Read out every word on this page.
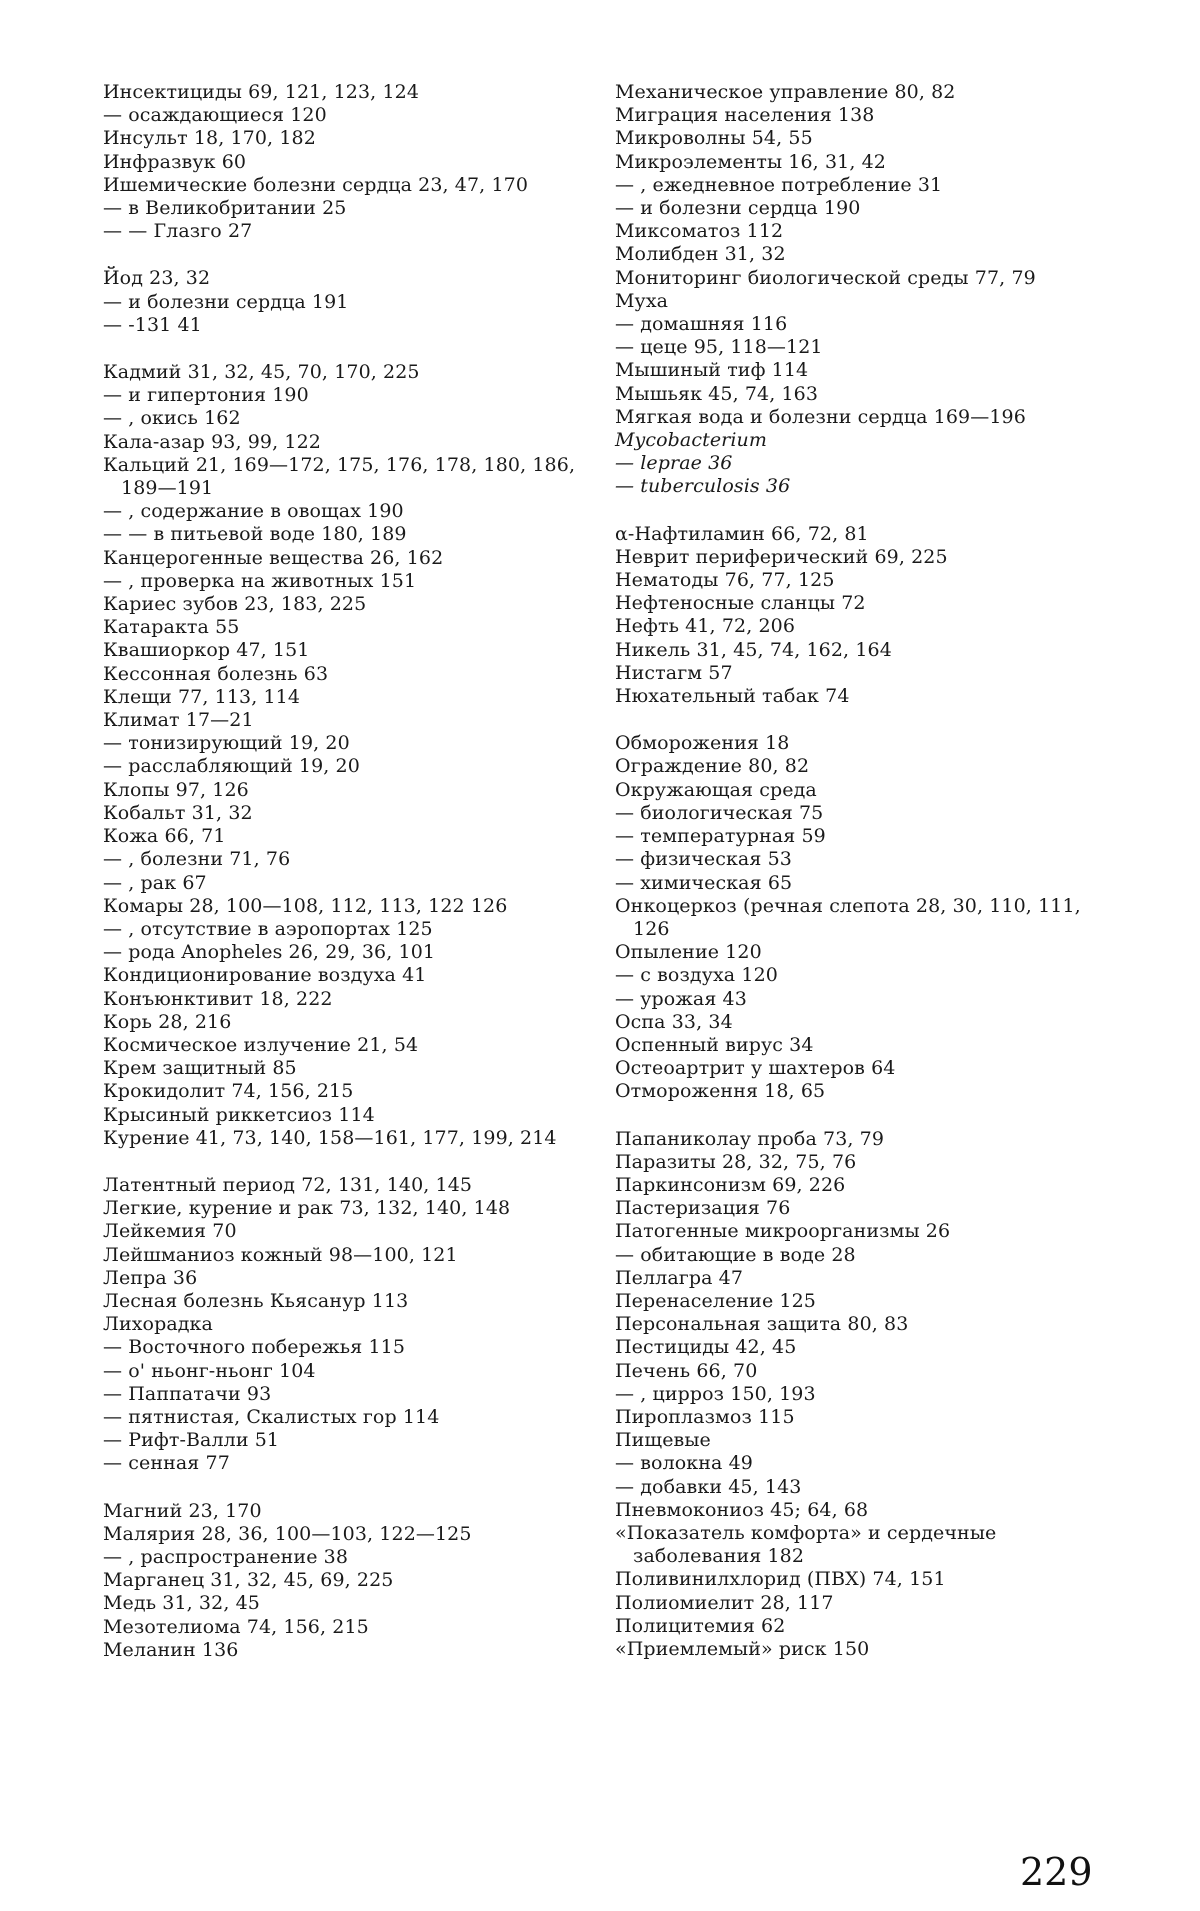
Инсектициды 69, 121, 123, 124
— осаждающиеся 120
Инсульт 18, 170, 182
Инфразвук 60
Ишемические болезни сердца 23, 47, 170
— в Великобритании 25
— — Глазго 27
Йод 23, 32
— и болезни сердца 191
— -131 41
Кадмий 31, 32, 45, 70, 170, 225
— и гипертония 190
— , окись 162
Кала-азар 93, 99, 122
Кальций 21, 169—172, 175, 176, 178, 180, 186, 189—191
— , содержание в овощах 190
— — в питьевой воде 180, 189
Канцерогенные вещества 26, 162
— , проверка на животных 151
Кариес зубов 23, 183, 225
Катаракта 55
Квашиоркор 47, 151
Кессонная болезнь 63
Клещи 77, 113, 114
Климат 17—21
— тонизирующий 19, 20
— расслабляющий 19, 20
Клопы 97, 126
Кобальт 31, 32
Кожа 66, 71
— , болезни 71, 76
— , рак 67
Комары 28, 100—108, 112, 113, 122 126
— , отсутствие в аэропортах 125
— рода Anopheles 26, 29, 36, 101
Кондиционирование воздуха 41
Конъюнктивит 18, 222
Корь 28, 216
Космическое излучение 21, 54
Крем защитный 85
Крокидолит 74, 156, 215
Крысиный риккетсиоз 114
Курение 41, 73, 140, 158—161, 177, 199, 214
Латентный период 72, 131, 140, 145
Легкие, курение и рак 73, 132, 140, 148
Лейкемия 70
Лейшманиоз кожный 98—100, 121
Лепра 36
Лесная болезнь Кьясанур 113
Лихорадка
— Восточного побережья 115
— о' ньонг-ньонг 104
— Паппатачи 93
— пятнистая, Скалистых гор 114
— Рифт-Валли 51
— сенная 77
Магний 23, 170
Малярия 28, 36, 100—103, 122—125
— , распространение 38
Марганец 31, 32, 45, 69, 225
Медь 31, 32, 45
Мезотелиома 74, 156, 215
Меланин 136
Механическое управление 80, 82
Миграция населения 138
Микроволны 54, 55
Микроэлементы 16, 31, 42
— , ежедневное потребление 31
— и болезни сердца 190
Миксоматоз 112
Молибден 31, 32
Мониторинг биологической среды 77, 79
Муха
— домашняя 116
— цеце 95, 118—121
Мышиный тиф 114
Мышьяк 45, 74, 163
Мягкая вода и болезни сердца 169—196
Mycobacterium
— leprae 36
— tuberculosis 36
α-Нафтиламин 66, 72, 81
Неврит периферический 69, 225
Нематоды 76, 77, 125
Нефтеносные сланцы 72
Нефть 41, 72, 206
Никель 31, 45, 74, 162, 164
Нистагм 57
Нюхательный табак 74
Обморожения 18
Ограждение 80, 82
Окружающая среда
— биологическая 75
— температурная 59
— физическая 53
— химическая 65
Онкоцеркоз (речная слепота 28, 30, 110, 111, 126
Опыление 120
— с воздуха 120
— урожая 43
Оспа 33, 34
Оспенный вирус 34
Остеоартрит у шахтеров 64
Отмороження 18, 65
Папаниколау проба 73, 79
Паразиты 28, 32, 75, 76
Паркинсонизм 69, 226
Пастеризация 76
Патогенные микроорганизмы 26
— обитающие в воде 28
Пеллагра 47
Перенаселение 125
Персональная защита 80, 83
Пестициды 42, 45
Печень 66, 70
— , цирроз 150, 193
Пироплазмоз 115
Пищевые
— волокна 49
— добавки 45, 143
Пневмокониоз 45; 64, 68
«Показатель комфорта» и сердечные заболевания 182
Поливинилхлорид (ПВХ) 74, 151
Полиомиелит 28, 117
Полицитемия 62
«Приемлемый» риск 150
229
